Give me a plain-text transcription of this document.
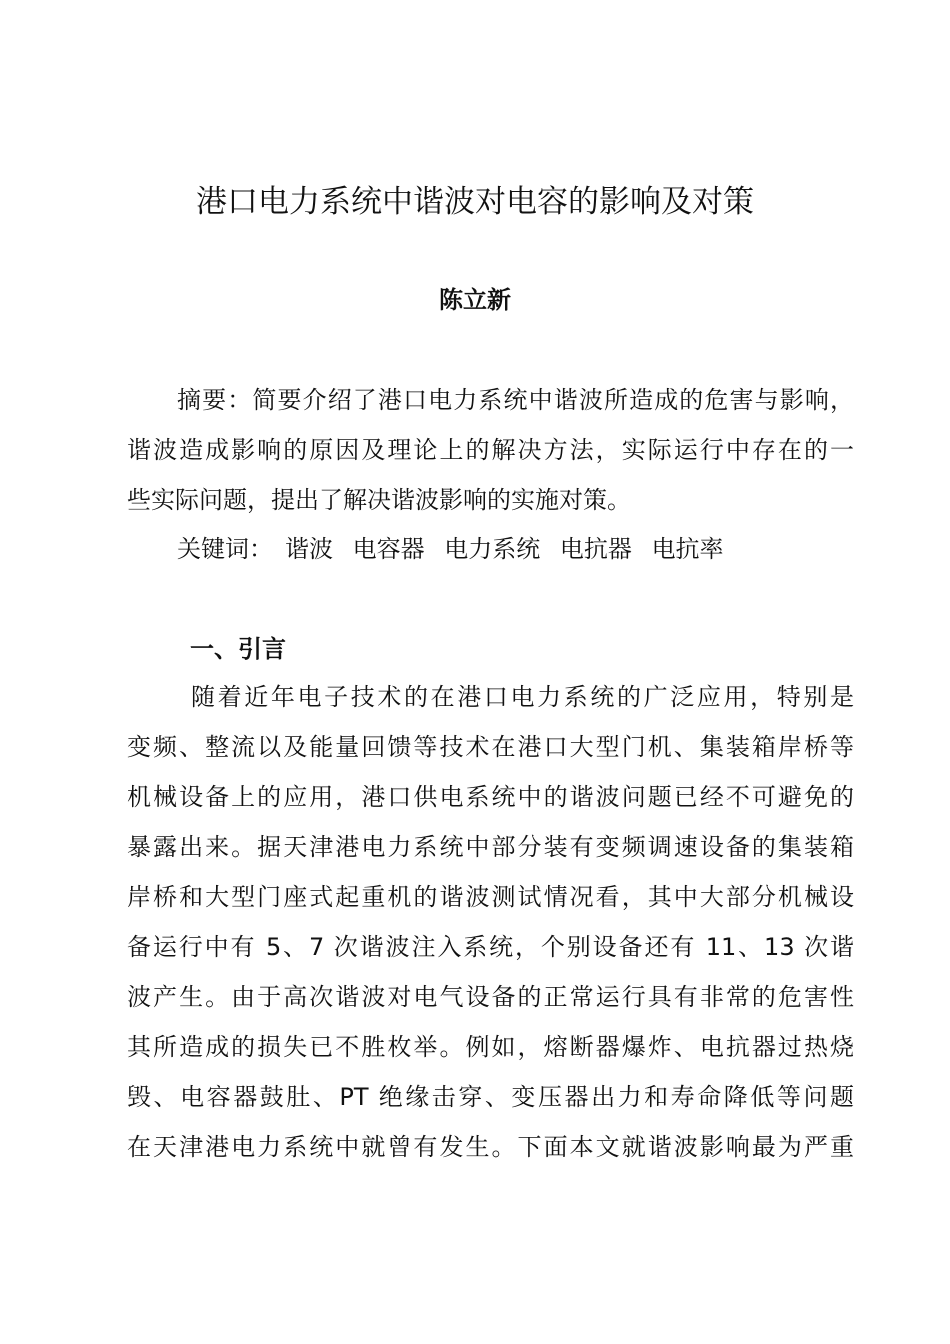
港口电力系统中谐波对电容的影响及对策
陈立新
摘要：简要介绍了港口电力系统中谐波所造成的危害与影响，
谐波造成影响的原因及理论上的解决方法，实际运行中存在的一
些实际问题，提出了解决谐波影响的实施对策。
关键词： 谐波 电容器 电力系统 电抗器 电抗率
一、引言
随着近年电子技术的在港口电力系统的广泛应用，特别是
变频、整流以及能量回馈等技术在港口大型门机、集装箱岸桥等
机械设备上的应用，港口供电系统中的谐波问题已经不可避免的
暴露出来。据天津港电力系统中部分装有变频调速设备的集装箱
岸桥和大型门座式起重机的谐波测试情况看，其中大部分机械设
备运行中有 5、7 次谐波注入系统，个别设备还有 11、13 次谐
波产生。由于高次谐波对电气设备的正常运行具有非常的危害性
其所造成的损失已不胜枚举。例如，熔断器爆炸、电抗器过热烧
毁、电容器鼓肚、PT 绝缘击穿、变压器出力和寿命降低等问题
在天津港电力系统中就曾有发生。下面本文就谐波影响最为严重
